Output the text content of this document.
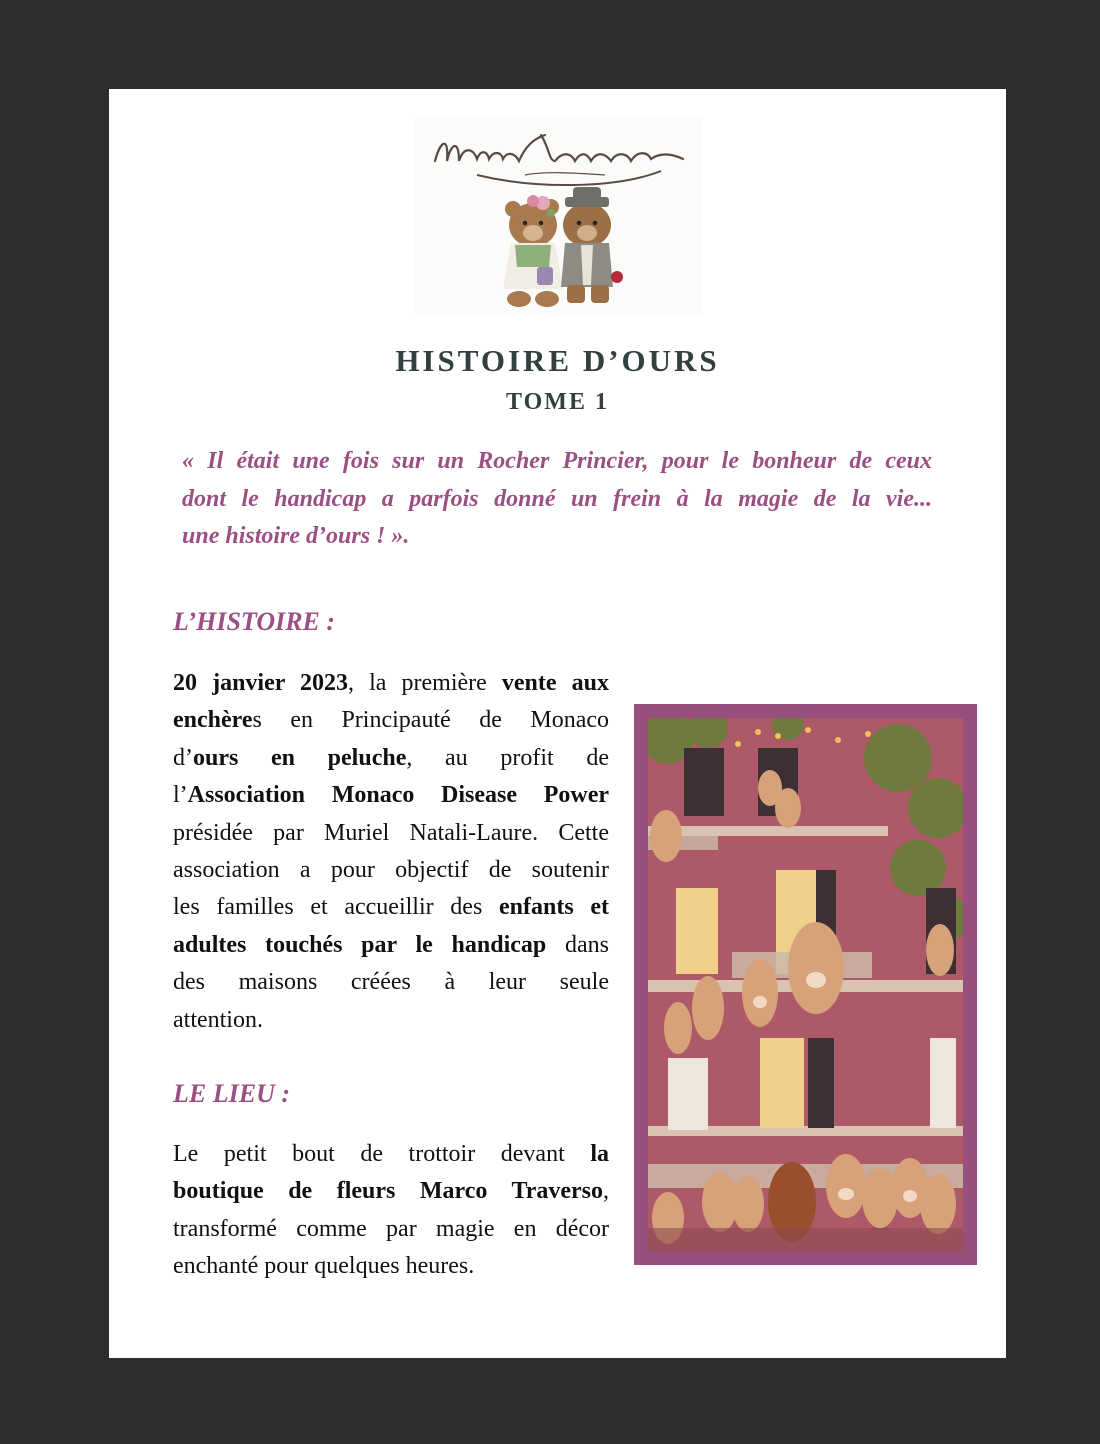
HISTOIRE D’OURS
TOME 1
« Il était une fois sur un Rocher Princier, pour le bonheur de ceux
dont le handicap a parfois donné un frein à la magie de la vie...
une histoire d’ours ! ».
L’HISTOIRE :
20 janvier 2023, la première vente aux
enchères en Principauté de Monaco
d’ours en peluche, au profit de
l’Association Monaco Disease Power
présidée par Muriel Natali-Laure. Cette
association a pour objectif de soutenir
les familles et accueillir des enfants et
adultes touchés par le handicap dans
des maisons créées à leur seule
attention.
LE LIEU :
Le petit bout de trottoir devant la
boutique de fleurs Marco Traverso,
transformé comme par magie en décor
enchanté pour quelques heures.
